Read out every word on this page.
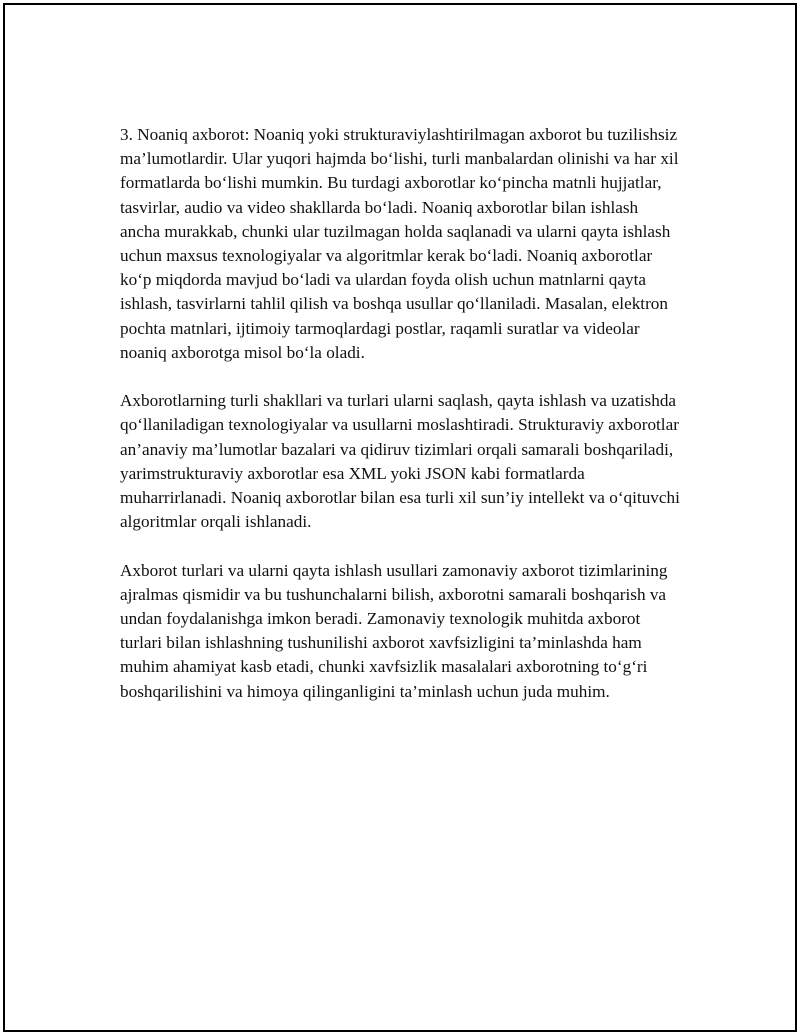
3. Noaniq axborot: Noaniq yoki strukturaviylashtirilmagan axborot bu tuzilishsiz ma’lumotlardir. Ular yuqori hajmda bo‘lishi, turli manbalardan olinishi va har xil formatlarda bo‘lishi mumkin. Bu turdagi axborotlar ko‘pincha matnli hujjatlar, tasvirlar, audio va video shakllarda bo‘ladi. Noaniq axborotlar bilan ishlash ancha murakkab, chunki ular tuzilmagan holda saqlanadi va ularni qayta ishlash uchun maxsus texnologiyalar va algoritmlar kerak bo‘ladi. Noaniq axborotlar ko‘p miqdorda mavjud bo‘ladi va ulardan foyda olish uchun matnlarni qayta ishlash, tasvirlarni tahlil qilish va boshqa usullar qo‘llaniladi. Masalan, elektron pochta matnlari, ijtimoiy tarmoqlardagi postlar, raqamli suratlar va videolar noaniq axborotga misol bo‘la oladi.

Axborotlarning turli shakllari va turlari ularni saqlash, qayta ishlash va uzatishda qo‘llaniladigan texnologiyalar va usullarni moslashtiradi. Strukturaviy axborotlar an’anaviy ma’lumotlar bazalari va qidiruv tizimlari orqali samarali boshqariladi, yarimstrukturaviy axborotlar esa XML yoki JSON kabi formatlarda muharrirlanadi. Noaniq axborotlar bilan esa turli xil sun’iy intellekt va o‘qituvchi algoritmlar orqali ishlanadi.

Axborot turlari va ularni qayta ishlash usullari zamonaviy axborot tizimlarining ajralmas qismidir va bu tushunchalarni bilish, axborotni samarali boshqarish va undan foydalanishga imkon beradi. Zamonaviy texnologik muhitda axborot turlari bilan ishlashning tushunilishi axborot xavfsizligini ta’minlashda ham muhim ahamiyat kasb etadi, chunki xavfsizlik masalalari axborotning to‘g‘ri boshqarilishini va himoya qilinganligini ta’minlash uchun juda muhim.
